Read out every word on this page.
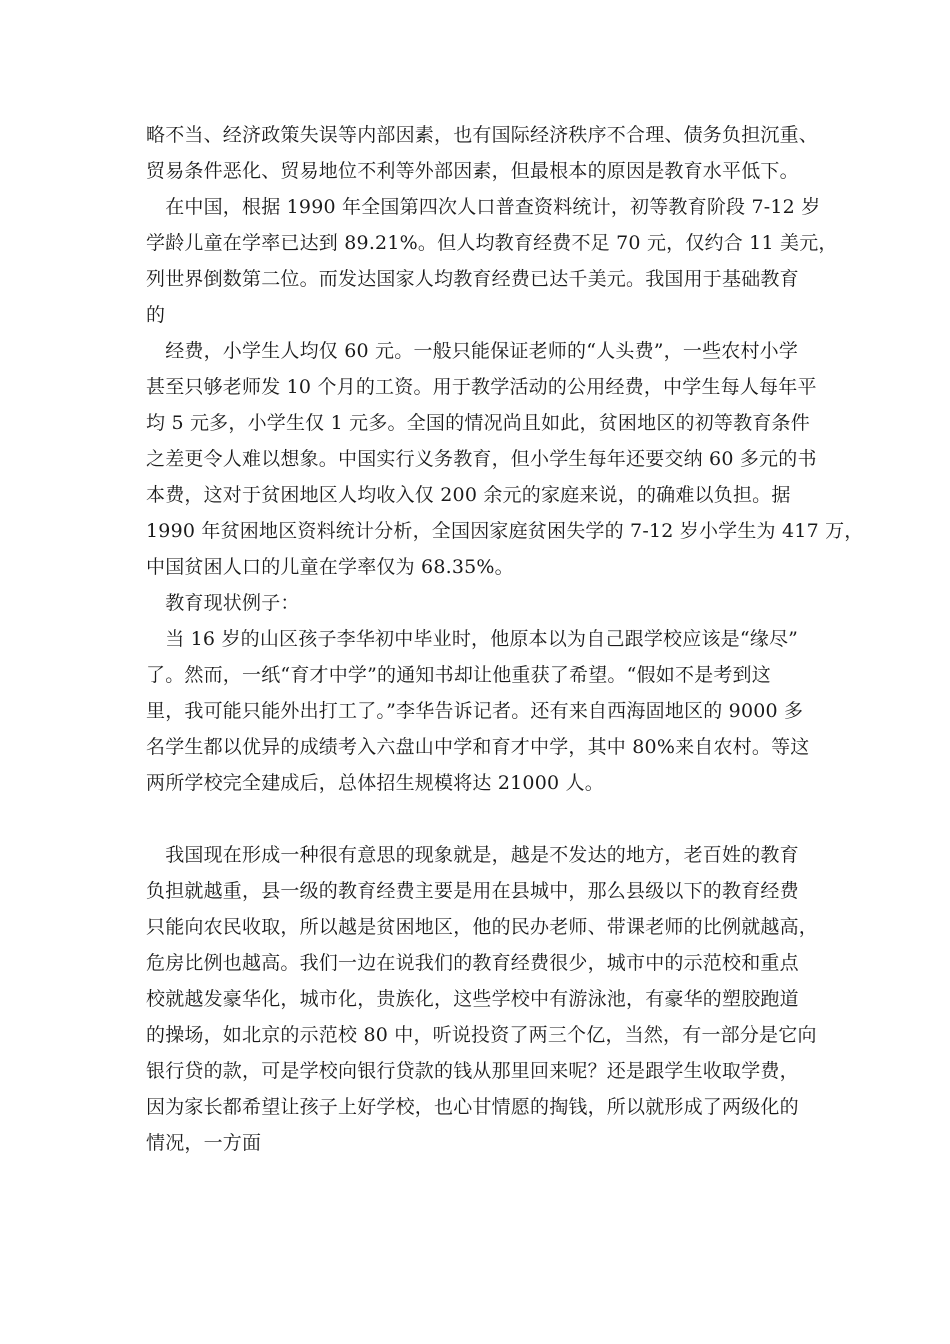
略不当、经济政策失误等内部因素，也有国际经济秩序不合理、债务负担沉重、
贸易条件恶化、贸易地位不利等外部因素，但最根本的原因是教育水平低下。
　在中国，根据 1990 年全国第四次人口普查资料统计，初等教育阶段 7-12 岁
学龄儿童在学率已达到 89.21%。但人均教育经费不足 70 元，仅约合 11 美元，
列世界倒数第二位。而发达国家人均教育经费已达千美元。我国用于基础教育
的
　经费，小学生人均仅 60 元。一般只能保证老师的“人头费”，一些农村小学
甚至只够老师发 10 个月的工资。用于教学活动的公用经费，中学生每人每年平
均 5 元多，小学生仅 1 元多。全国的情况尚且如此，贫困地区的初等教育条件
之差更令人难以想象。中国实行义务教育，但小学生每年还要交纳 60 多元的书
本费，这对于贫困地区人均收入仅 200 余元的家庭来说，的确难以负担。据
1990 年贫困地区资料统计分析，全国因家庭贫困失学的 7-12 岁小学生为 417 万，
中国贫困人口的儿童在学率仅为 68.35%。
　教育现状例子：
　当 16 岁的山区孩子李华初中毕业时，他原本以为自己跟学校应该是“缘尽”
了。然而，一纸“育才中学”的通知书却让他重获了希望。“假如不是考到这
里，我可能只能外出打工了。”李华告诉记者。还有来自西海固地区的 9000 多
名学生都以优异的成绩考入六盘山中学和育才中学，其中 80%来自农村。等这
两所学校完全建成后，总体招生规模将达 21000 人。
　我国现在形成一种很有意思的现象就是，越是不发达的地方，老百姓的教育
负担就越重，县一级的教育经费主要是用在县城中，那么县级以下的教育经费
只能向农民收取，所以越是贫困地区，他的民办老师、带课老师的比例就越高，
危房比例也越高。我们一边在说我们的教育经费很少，城市中的示范校和重点
校就越发豪华化，城市化，贵族化，这些学校中有游泳池，有豪华的塑胶跑道
的操场，如北京的示范校 80 中，听说投资了两三个亿，当然，有一部分是它向
银行贷的款，可是学校向银行贷款的钱从那里回来呢？还是跟学生收取学费，
因为家长都希望让孩子上好学校，也心甘情愿的掏钱，所以就形成了两级化的
情况，一方面
